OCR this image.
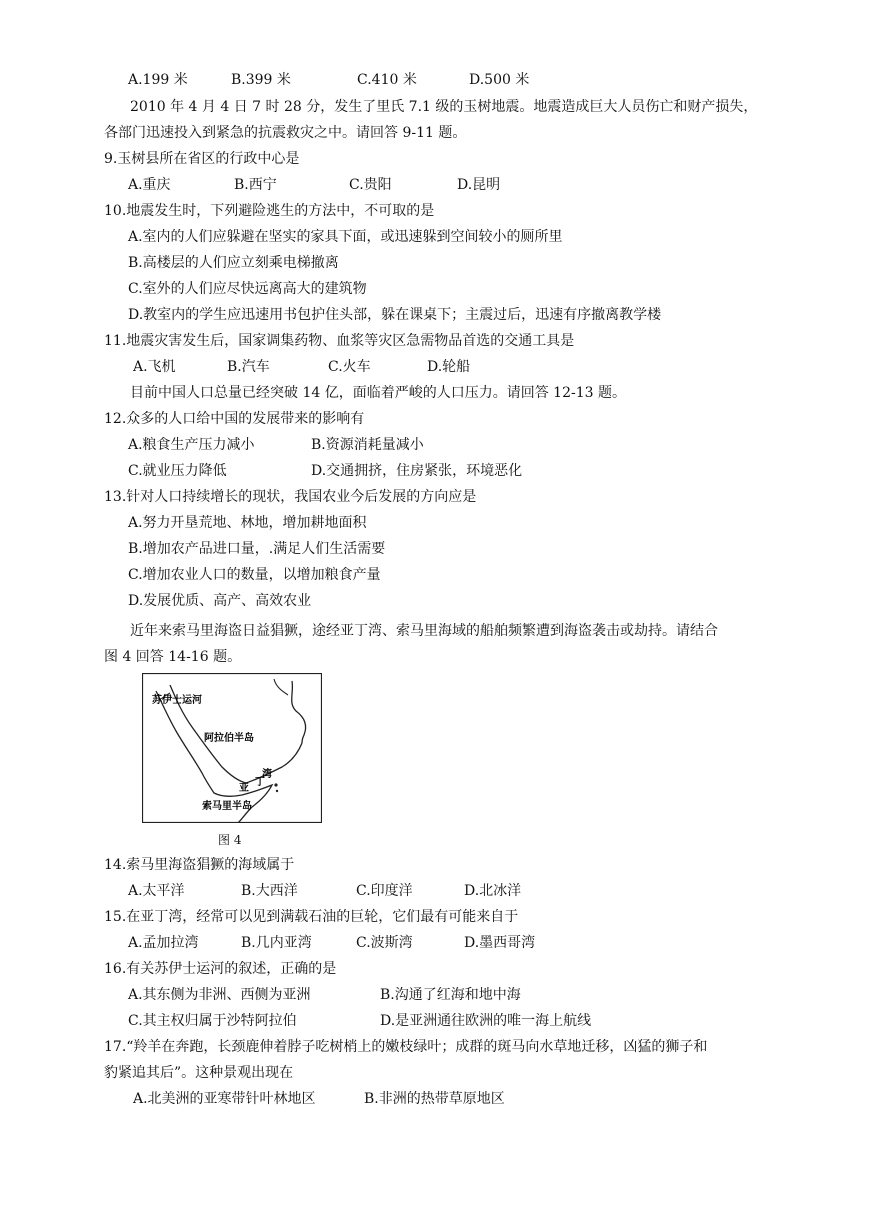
A.199 米	B.399 米	C.410 米	D.500 米
2010 年 4 月 4 日 7 时 28 分，发生了里氏 7.1 级的玉树地震。地震造成巨大人员伤亡和财产损失，
各部门迅速投入到紧急的抗震救灾之中。请回答 9-11 题。
9.玉树县所在省区的行政中心是
A.重庆	B.西宁	C.贵阳	D.昆明
10.地震发生时，下列避险逃生的方法中，不可取的是
A.室内的人们应躲避在坚实的家具下面，或迅速躲到空间较小的厕所里
B.高楼层的人们应立刻乘电梯撤离
C.室外的人们应尽快远离高大的建筑物
D.教室内的学生应迅速用书包护住头部，躲在课桌下；主震过后，迅速有序撤离教学楼
11.地震灾害发生后，国家调集药物、血浆等灾区急需物品首选的交通工具是
A.飞机	B.汽车	C.火车	D.轮船
目前中国人口总量已经突破 14 亿，面临着严峻的人口压力。请回答 12-13 题。
12.众多的人口给中国的发展带来的影响有
A.粮食生产压力减小	B.资源消耗量减小
C.就业压力降低	D.交通拥挤，住房紧张，环境恶化
13.针对人口持续增长的现状，我国农业今后发展的方向应是
A.努力开垦荒地、林地，增加耕地面积
B.增加农产品进口量，.满足人们生活需要
C.增加农业人口的数量，以增加粮食产量
D.发展优质、高产、高效农业
近年来索马里海盗日益猖獗，途经亚丁湾、索马里海域的船舶频繁遭到海盗袭击或劫持。请结合
图 4 回答 14-16 题。
苏伊士运河
阿拉伯半岛
索马里半岛
亚
丁
湾
图 4
14.索马里海盗猖獗的海域属于
A.太平洋	B.大西洋	C.印度洋	D.北冰洋
15.在亚丁湾，经常可以见到满载石油的巨轮，它们最有可能来自于
A.孟加拉湾	B.几内亚湾	C.波斯湾	D.墨西哥湾
16.有关苏伊士运河的叙述，正确的是
A.其东侧为非洲、西侧为亚洲	B.沟通了红海和地中海
C.其主权归属于沙特阿拉伯	D.是亚洲通往欧洲的唯一海上航线
17.“羚羊在奔跑，长颈鹿伸着脖子吃树梢上的嫩枝绿叶；成群的斑马向水草地迁移，凶猛的狮子和
豹紧追其后”。这种景观出现在
A.北美洲的亚寒带针叶林地区	B.非洲的热带草原地区
